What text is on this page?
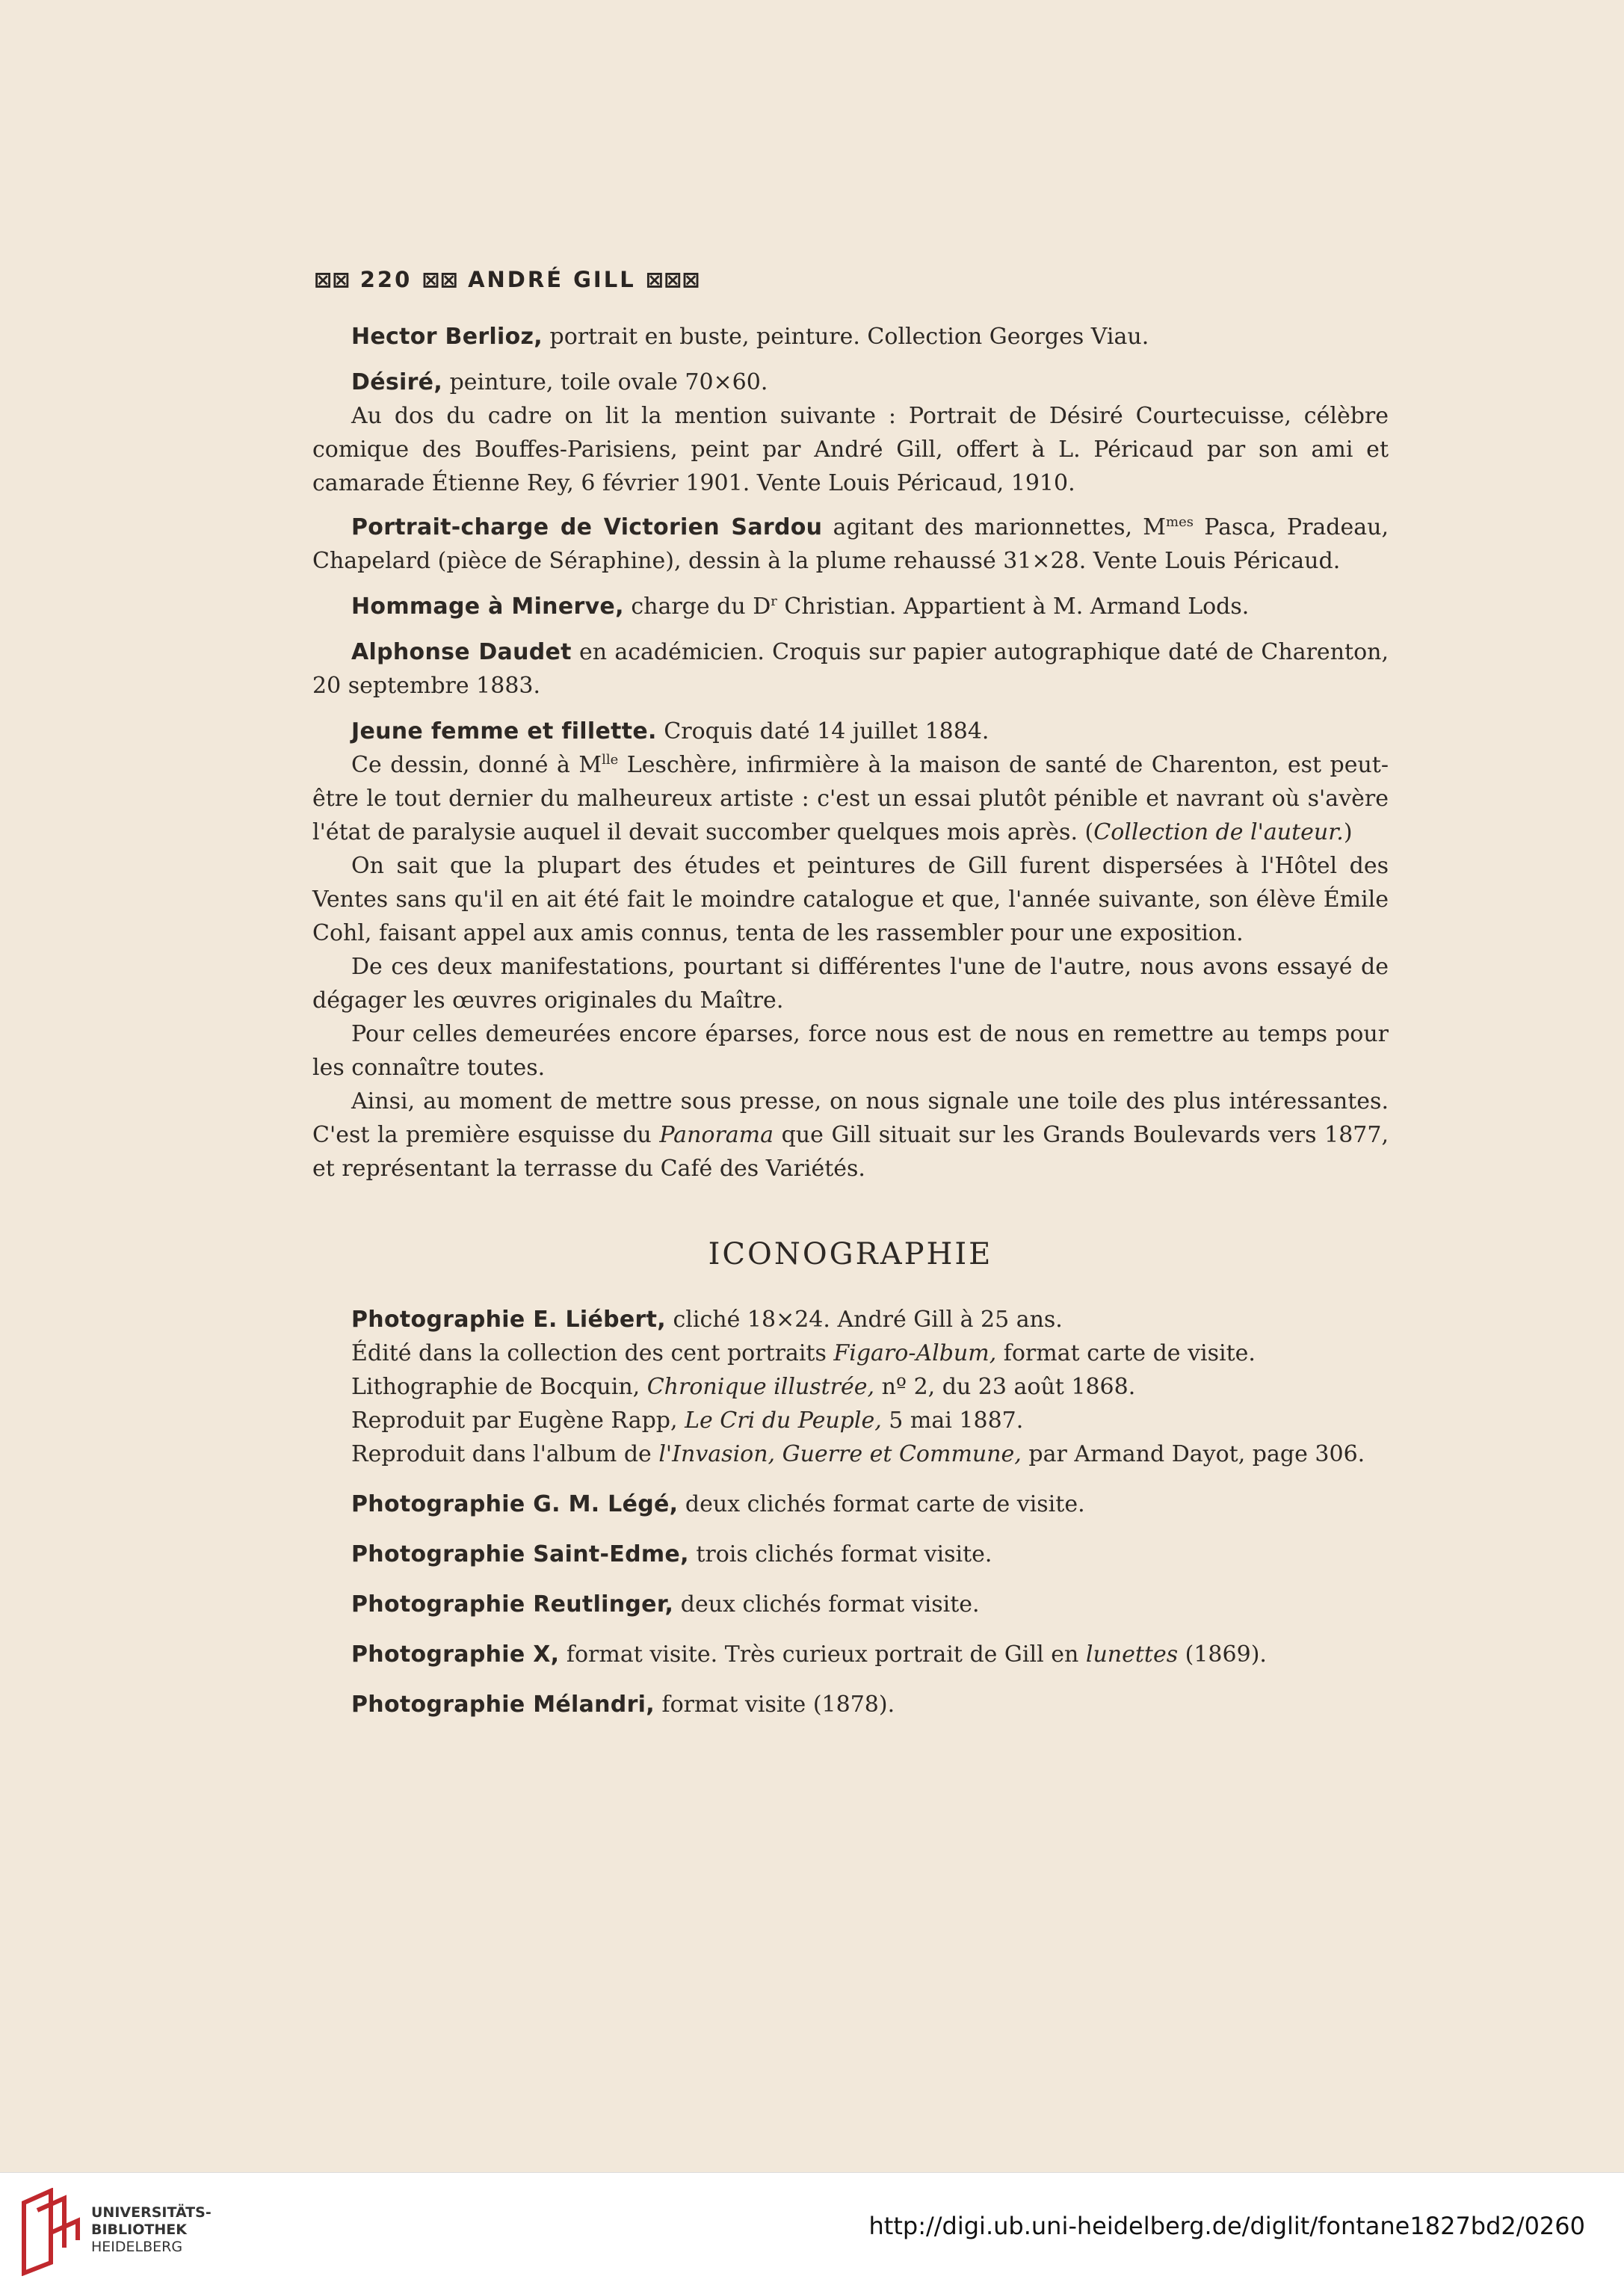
⊠⊠ 220 ⊠⊠ ANDRÉ GILL ⊠⊠⊠

Hector Berlioz, portrait en buste, peinture. Collection Georges Viau.

Désiré, peinture, toile ovale 70×60.

Au dos du cadre on lit la mention suivante : Portrait de Désiré Courtecuisse, célèbre comique des Bouffes-Parisiens, peint par André Gill, offert à L. Péricaud par son ami et camarade Étienne Rey, 6 février 1901. Vente Louis Péricaud, 1910.

Portrait-charge de Victorien Sardou agitant des marionnettes, $M^{mes}$ Pasca, Pradeau, Chapelard (pièce de Séraphine), dessin à la plume rehaussé 31×28. Vente Louis Péricaud.

Hommage à Minerve, charge du $D^r$ Christian. Appartient à M. Armand Lods.

Alphonse Daudet en académicien. Croquis sur papier autographique daté de Charenton, 20 septembre 1883.

Jeune femme et fillette. Croquis daté 14 juillet 1884.

Ce dessin, donné à $M^{lle}$ Leschère, infirmière à la maison de santé de Charenton, est peut-être le tout dernier du malheureux artiste : c'est un essai plutôt pénible et navrant où s'avère l'état de paralysie auquel il devait succomber quelques mois après. (Collection de l'auteur.)

On sait que la plupart des études et peintures de Gill furent dispersées à l'Hôtel des Ventes sans qu'il en ait été fait le moindre catalogue et que, l'année suivante, son élève Émile Cohl, faisant appel aux amis connus, tenta de les rassembler pour une exposition.

De ces deux manifestations, pourtant si différentes l'une de l'autre, nous avons essayé de dégager les œuvres originales du Maître.

Pour celles demeurées encore éparses, force nous est de nous en remettre au temps pour les connaître toutes.

Ainsi, au moment de mettre sous presse, on nous signale une toile des plus intéressantes. C'est la première esquisse du Panorama que Gill situait sur les Grands Boulevards vers 1877, et représentant la terrasse du Café des Variétés.

ICONOGRAPHIE

Photographie E. Liébert, cliché 18×24. André Gill à 25 ans.

Édité dans la collection des cent portraits Figaro-Album, format carte de visite.

Lithographie de Bocquin, Chronique illustrée, nº 2, du 23 août 1868.

Reproduit par Eugène Rapp, Le Cri du Peuple, 5 mai 1887.

Reproduit dans l'album de l'Invasion, Guerre et Commune, par Armand Dayot, page 306.

Photographie G. M. Légé, deux clichés format carte de visite.

Photographie Saint-Edme, trois clichés format visite.

Photographie Reutlinger, deux clichés format visite.

Photographie X, format visite. Très curieux portrait de Gill en lunettes (1869).

Photographie Mélandri, format visite (1878).

UNIVERSITÄTS-
BIBLIOTHEK
HEIDELBERG
http://digi.ub.uni-heidelberg.de/diglit/fontane1827bd2/0260
